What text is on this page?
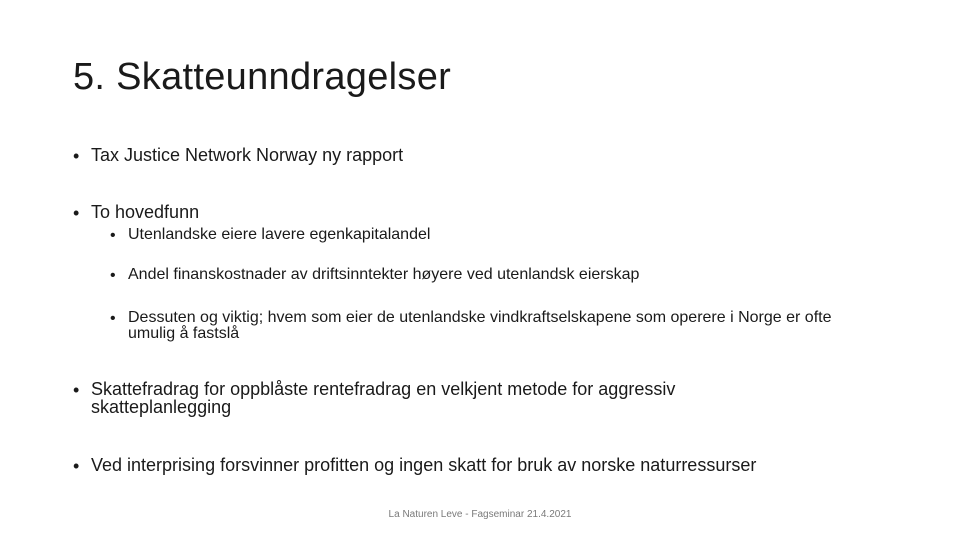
5. Skatteunndragelser
• Tax Justice Network Norway ny rapport
• To hovedfunn
• Utenlandske eiere lavere egenkapitalandel
• Andel finanskostnader av driftsinntekter høyere ved utenlandsk eierskap
• Dessuten og viktig; hvem som eier de utenlandske vindkraftselskapene som operere i Norge er ofte umulig å fastslå
• Skattefradrag for oppblåste rentefradrag en velkjent metode for aggressiv skatteplanlegging
• Ved interprising forsvinner profitten og ingen skatt for bruk av norske naturressurser
La Naturen Leve - Fagseminar 21.4.2021
